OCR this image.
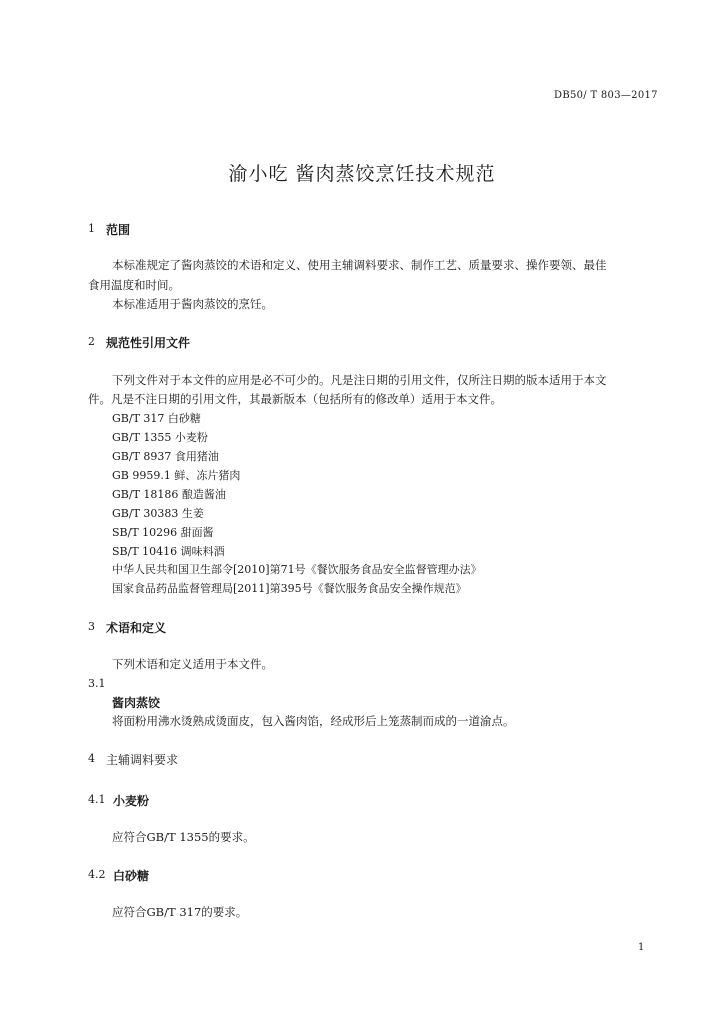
DB50/ T 803—2017
渝小吃 酱肉蒸饺烹饪技术规范
1 范围
本标准规定了酱肉蒸饺的术语和定义、使用主辅调料要求、制作工艺、质量要求、操作要领、最佳
食用温度和时间。
本标准适用于酱肉蒸饺的烹饪。
2 规范性引用文件
下列文件对于本文件的应用是必不可少的。凡是注日期的引用文件，仅所注日期的版本适用于本文
件。凡是不注日期的引用文件，其最新版本（包括所有的修改单）适用于本文件。
GB/T 317 白砂糖
GB/T 1355 小麦粉
GB/T 8937 食用猪油
GB 9959.1 鲜、冻片猪肉
GB/T 18186 酿造酱油
GB/T 30383 生姜
SB/T 10296 甜面酱
SB/T 10416 调味料酒
中华人民共和国卫生部令[2010]第71号《餐饮服务食品安全监督管理办法》
国家食品药品监督管理局[2011]第395号《餐饮服务食品安全操作规范》
3 术语和定义
下列术语和定义适用于本文件。
3.1
酱肉蒸饺
将面粉用沸水烫熟成烫面皮，包入酱肉馅，经成形后上笼蒸制而成的一道渝点。
4 主辅调料要求
4.1 小麦粉
应符合GB/T 1355的要求。
4.2 白砂糖
应符合GB/T 317的要求。
1
